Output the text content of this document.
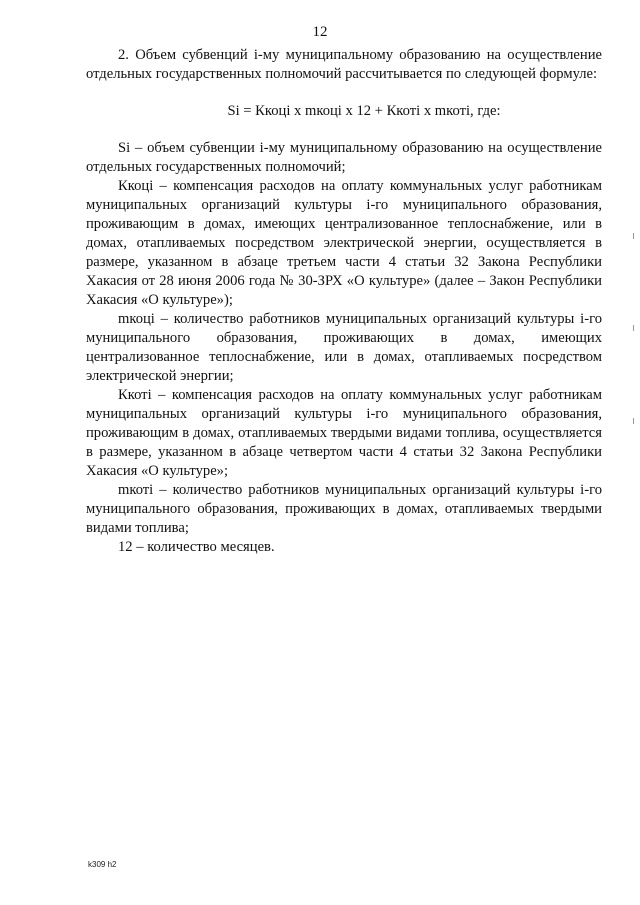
12

2. Объем субвенций i-му муниципальному образованию на осуществление отдельных государственных полномочий рассчитывается по следующей формуле:

Si = Ккоці x mкоці x 12 + Ккоті x mкоті, где:

Si – объем субвенции i-му муниципальному образованию на осуществление отдельных государственных полномочий;

Ккоці – компенсация расходов на оплату коммунальных услуг работникам муниципальных организаций культуры i-го муниципального образования, проживающим в домах, имеющих централизованное теплоснабжение, или в домах, отапливаемых посредством электрической энергии, осуществляется в размере, указанном в абзаце третьем части 4 статьи 32 Закона Республики Хакасия от 28 июня 2006 года № 30-ЗРХ «О культуре» (далее – Закон Республики Хакасия «О культуре»);

mкоці – количество работников муниципальных организаций культуры i-го муниципального образования, проживающих в домах, имеющих централизованное теплоснабжение, или в домах, отапливаемых посредством электрической энергии;

Ккоті – компенсация расходов на оплату коммунальных услуг работникам муниципальных организаций культуры i-го муниципального образования, проживающим в домах, отапливаемых твердыми видами топлива, осуществляется в размере, указанном в абзаце четвертом части 4 статьи 32 Закона Республики Хакасия «О культуре»;

mкоті – количество работников муниципальных организаций культуры i-го муниципального образования, проживающих в домах, отапливаемых твердыми видами топлива;

12 – количество месяцев.

k309 h2
